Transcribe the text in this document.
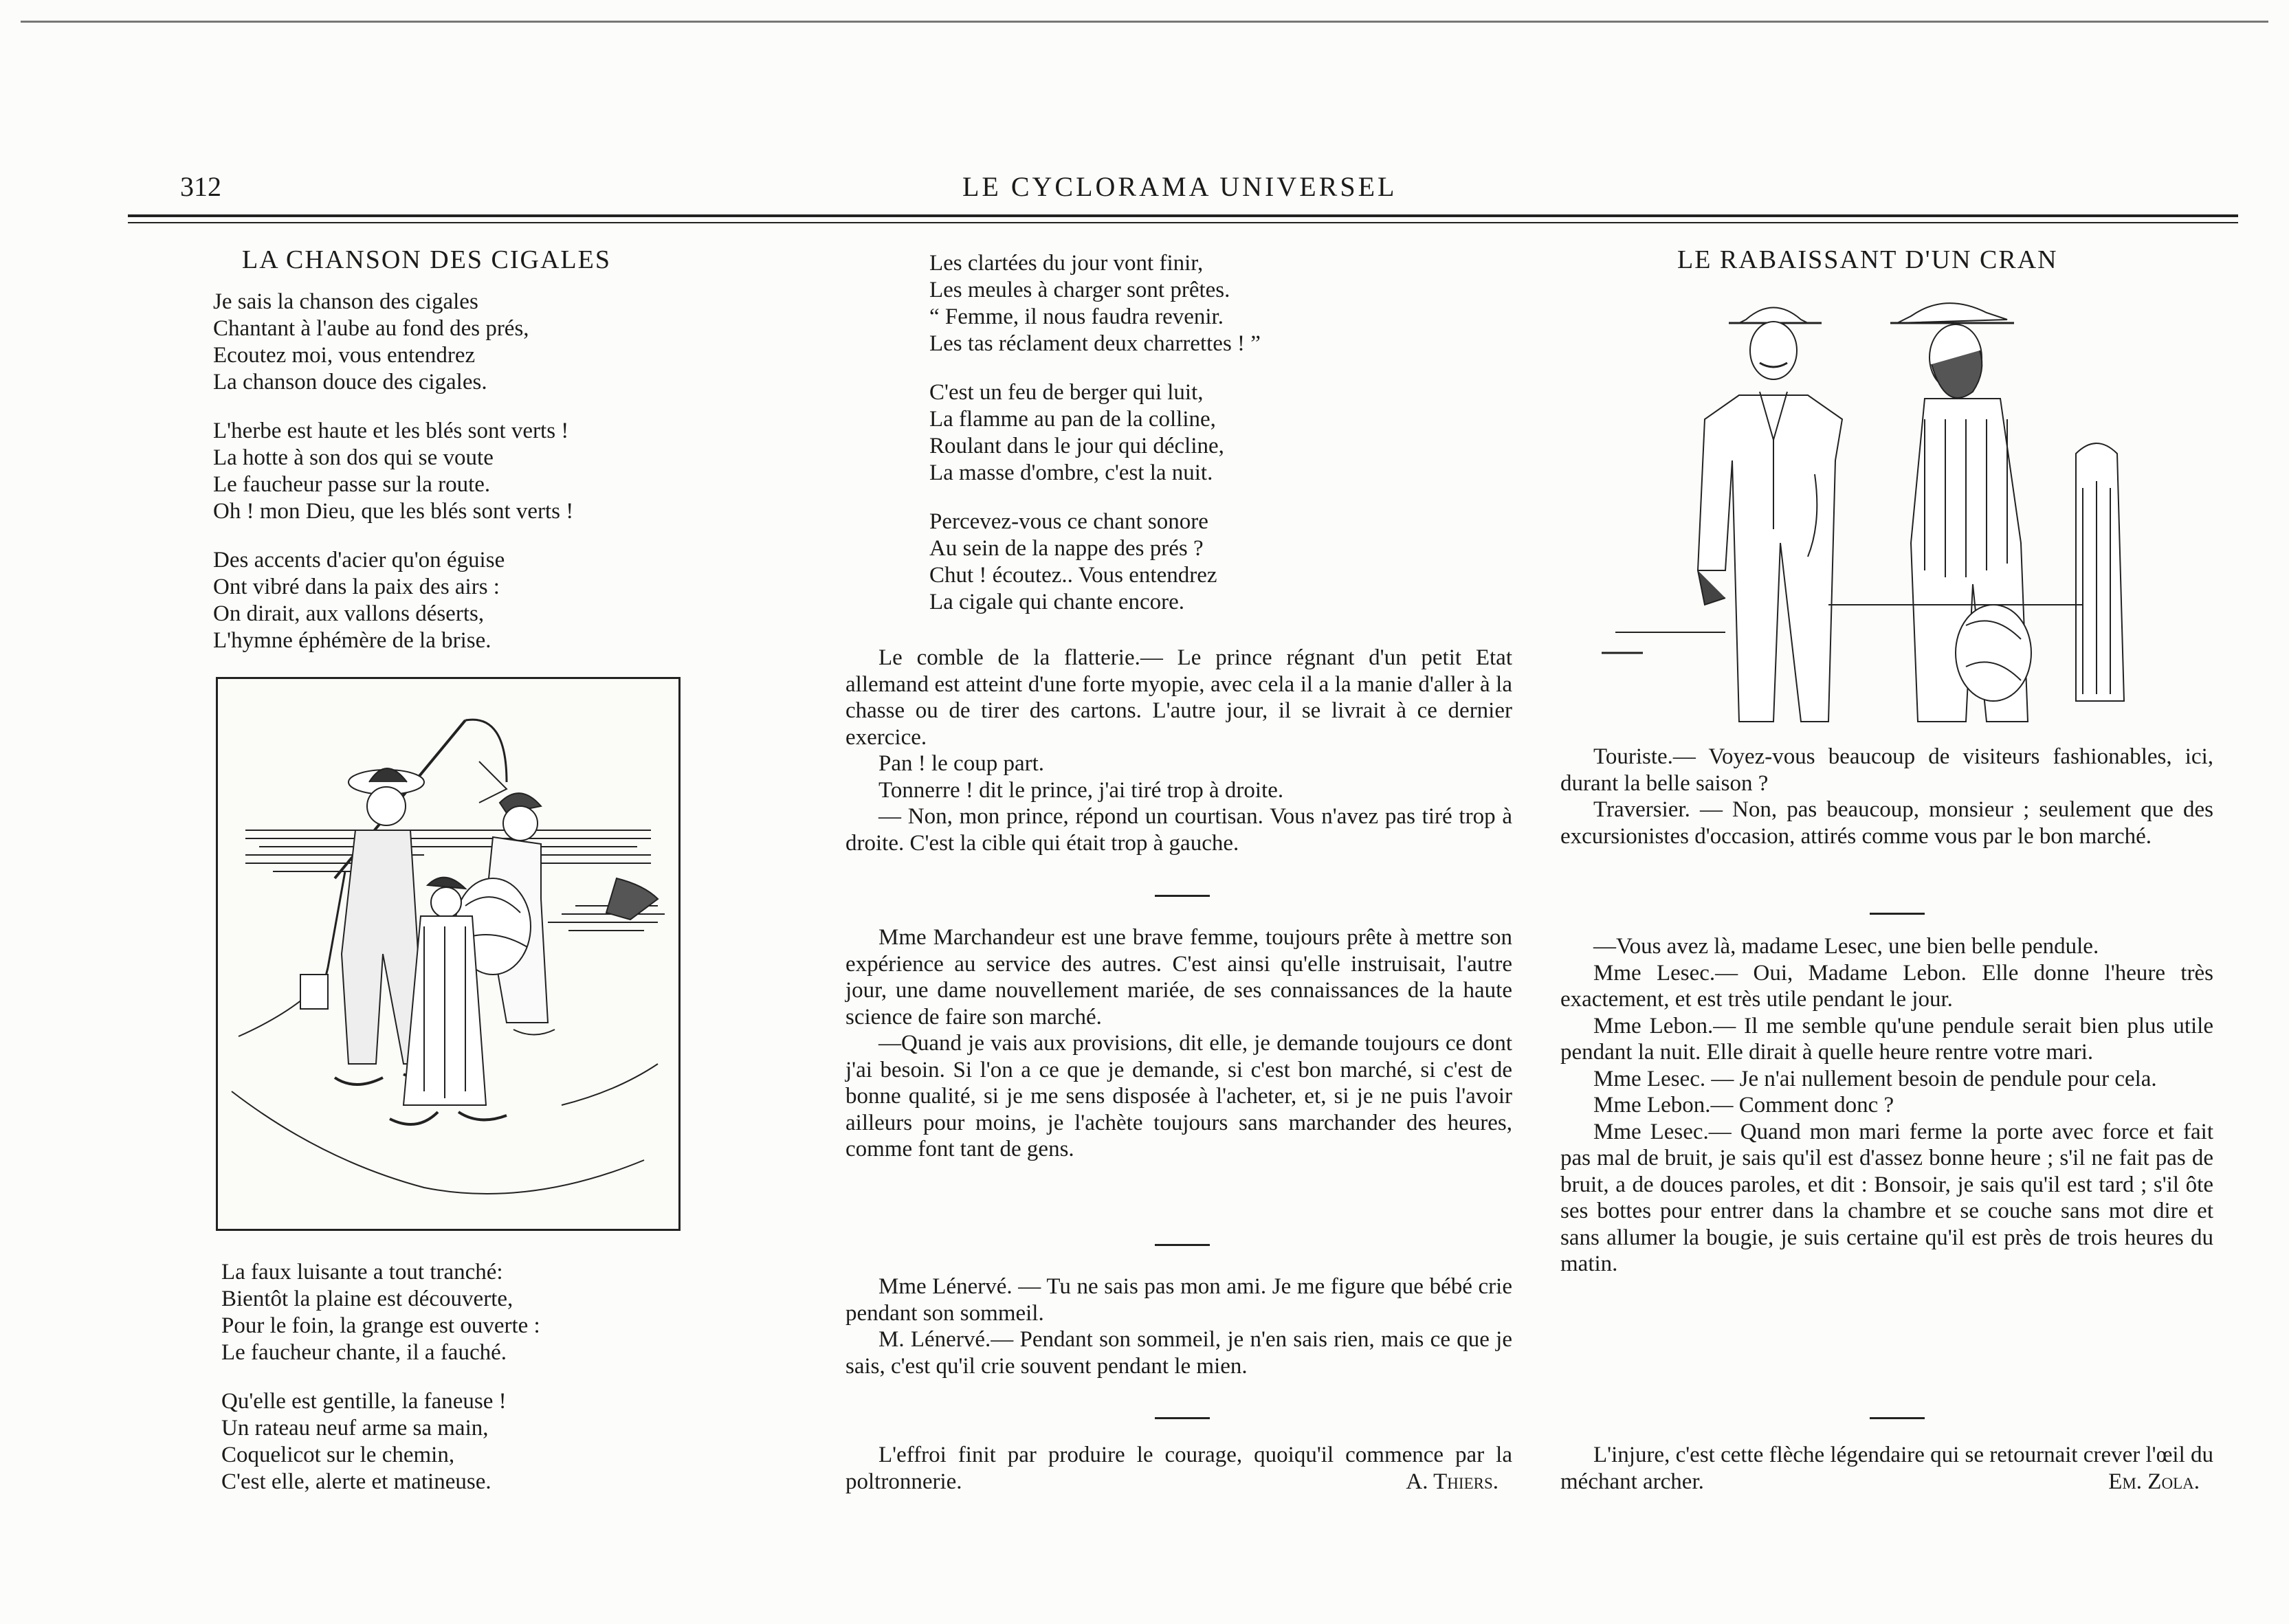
312	LE CYCLORAMA UNIVERSEL
LA CHANSON DES CIGALES
Je sais la chanson des cigales
Chantant à l'aube au fond des prés,
Ecoutez moi, vous entendrez
La chanson douce des cigales.
L'herbe est haute et les blés sont verts !
La hotte à son dos qui se voute
Le faucheur passe sur la route.
Oh ! mon Dieu, que les blés sont verts !
Des accents d'acier qu'on éguise
Ont vibré dans la paix des airs :
On dirait, aux vallons déserts,
L'hymne éphémère de la brise.
La faux luisante a tout tranché:
Bientôt la plaine est découverte,
Pour le foin, la grange est ouverte :
Le faucheur chante, il a fauché.
Qu'elle est gentille, la faneuse !
Un rateau neuf arme sa main,
Coquelicot sur le chemin,
C'est elle, alerte et matineuse.
Les clartées du jour vont finir,
Les meules à charger sont prêtes.
“ Femme, il nous faudra revenir.
Les tas réclament deux charrettes ! ”
C'est un feu de berger qui luit,
La flamme au pan de la colline,
Roulant dans le jour qui décline,
La masse d'ombre, c'est la nuit.
Percevez-vous ce chant sonore
Au sein de la nappe des prés ?
Chut ! écoutez.. Vous entendrez
La cigale qui chante encore.

Le comble de la flatterie.— Le prince régnant d'un petit Etat allemand est atteint d'une forte myopie, avec cela il a la manie d'aller à la chasse ou de tirer des cartons. L'autre jour, il se livrait à ce dernier exercice.

Pan ! le coup part.

Tonnerre ! dit le prince, j'ai tiré trop à droite.

— Non, mon prince, répond un courtisan. Vous n'avez pas tiré trop à droite. C'est la cible qui était trop à gauche.

Mme Marchandeur est une brave femme, toujours prête à mettre son expérience au service des autres. C'est ainsi qu'elle instruisait, l'autre jour, une dame nouvellement mariée, de ses connaissances de la haute science de faire son marché.

—Quand je vais aux provisions, dit elle, je demande toujours ce dont j'ai besoin. Si l'on a ce que je demande, si c'est bon marché, si c'est de bonne qualité, si je me sens disposée à l'acheter, et, si je ne puis l'avoir ailleurs pour moins, je l'achète toujours sans marchander des heures, comme font tant de gens.

Mme Lénervé. — Tu ne sais pas mon ami. Je me figure que bébé crie pendant son sommeil.

M. Lénervé.— Pendant son sommeil, je n'en sais rien, mais ce que je sais, c'est qu'il crie souvent pendant le mien.

L'effroi finit par produire le courage, quoiqu'il commence par la poltronnerie.	A. Thiers.

LE RABAISSANT D'UN CRAN

Touriste.— Voyez-vous beaucoup de visiteurs fashionables, ici, durant la belle saison ?

Traversier. — Non, pas beaucoup, monsieur ; seulement que des excursionistes d'occasion, attirés comme vous par le bon marché.

—Vous avez là, madame Lesec, une bien belle pendule.

Mme Lesec.— Oui, Madame Lebon. Elle donne l'heure très exactement, et est très utile pendant le jour.

Mme Lebon.— Il me semble qu'une pendule serait bien plus utile pendant la nuit. Elle dirait à quelle heure rentre votre mari.

Mme Lesec. — Je n'ai nullement besoin de pendule pour cela.

Mme Lebon.— Comment donc ?

Mme Lesec.— Quand mon mari ferme la porte avec force et fait pas mal de bruit, je sais qu'il est d'assez bonne heure ; s'il ne fait pas de bruit, a de douces paroles, et dit : Bonsoir, je sais qu'il est tard ; s'il ôte ses bottes pour entrer dans la chambre et se couche sans mot dire et sans allumer la bougie, je suis certaine qu'il est près de trois heures du matin.

L'injure, c'est cette flèche légendaire qui se retournait crever l'œil du méchant archer.	Em. Zola.
